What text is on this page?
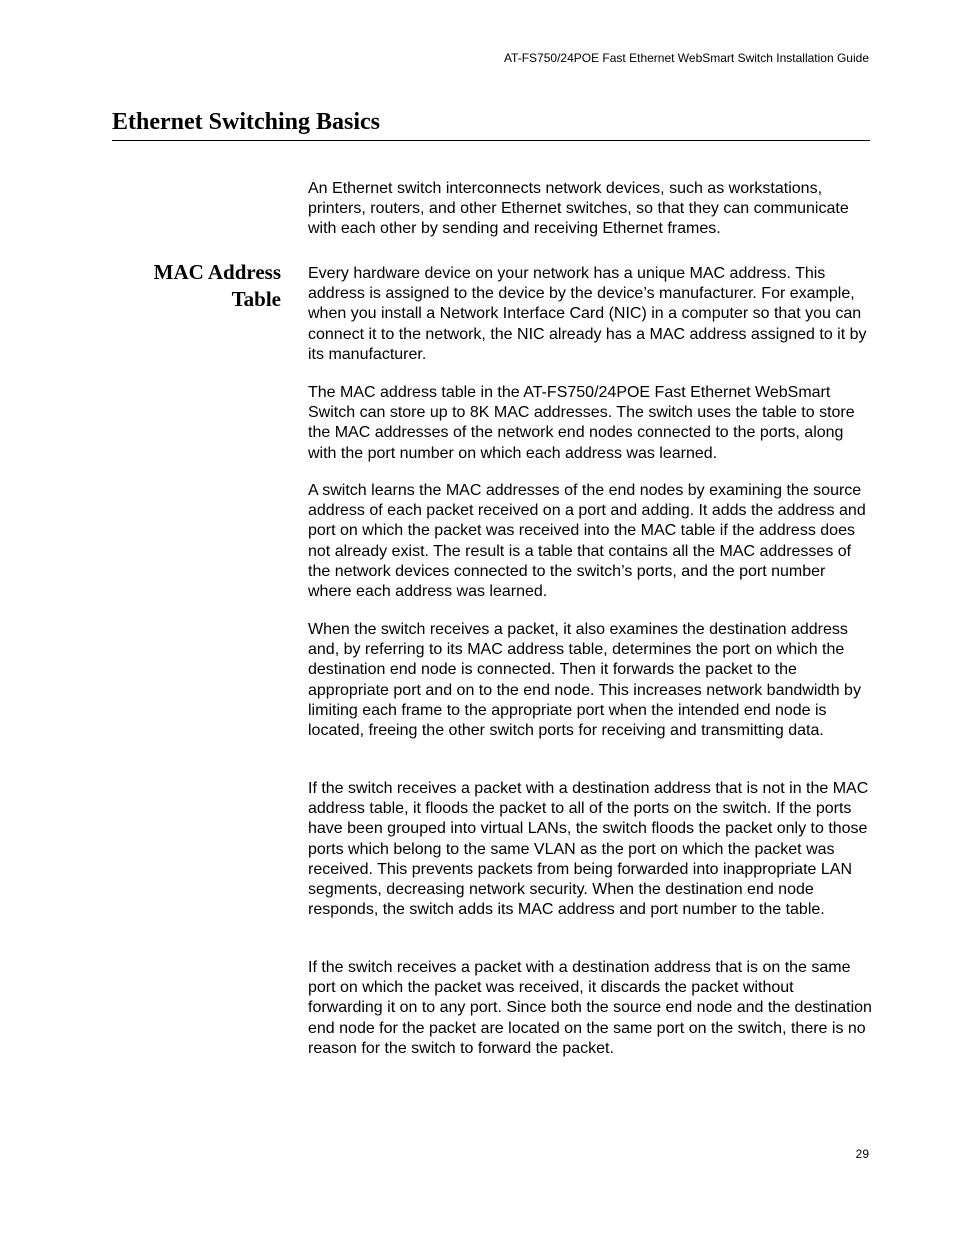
AT-FS750/24POE Fast Ethernet WebSmart Switch Installation Guide
Ethernet Switching Basics

An Ethernet switch interconnects network devices, such as workstations, printers, routers, and other Ethernet switches, so that they can communicate with each other by sending and receiving Ethernet frames.

MAC Address
Table

Every hardware device on your network has a unique MAC address. This address is assigned to the device by the device’s manufacturer. For example, when you install a Network Interface Card (NIC) in a computer so that you can connect it to the network, the NIC already has a MAC address assigned to it by its manufacturer.

The MAC address table in the AT-FS750/24POE Fast Ethernet WebSmart Switch can store up to 8K MAC addresses. The switch uses the table to store the MAC addresses of the network end nodes connected to the ports, along with the port number on which each address was learned.

A switch learns the MAC addresses of the end nodes by examining the source address of each packet received on a port and adding. It adds the address and port on which the packet was received into the MAC table if the address does not already exist. The result is a table that contains all the MAC addresses of the network devices connected to the switch’s ports, and the port number where each address was learned.

When the switch receives a packet, it also examines the destination address and, by referring to its MAC address table, determines the port on which the destination end node is connected. Then it forwards the packet to the appropriate port and on to the end node. This increases network bandwidth by limiting each frame to the appropriate port when the intended end node is located, freeing the other switch ports for receiving and transmitting data.

If the switch receives a packet with a destination address that is not in the MAC address table, it floods the packet to all of the ports on the switch. If the ports have been grouped into virtual LANs, the switch floods the packet only to those ports which belong to the same VLAN as the port on which the packet was received. This prevents packets from being forwarded into inappropriate LAN segments, decreasing network security. When the destination end node responds, the switch adds its MAC address and port number to the table.

If the switch receives a packet with a destination address that is on the same port on which the packet was received, it discards the packet without forwarding it on to any port. Since both the source end node and the destination end node for the packet are located on the same port on the switch, there is no reason for the switch to forward the packet.

29
